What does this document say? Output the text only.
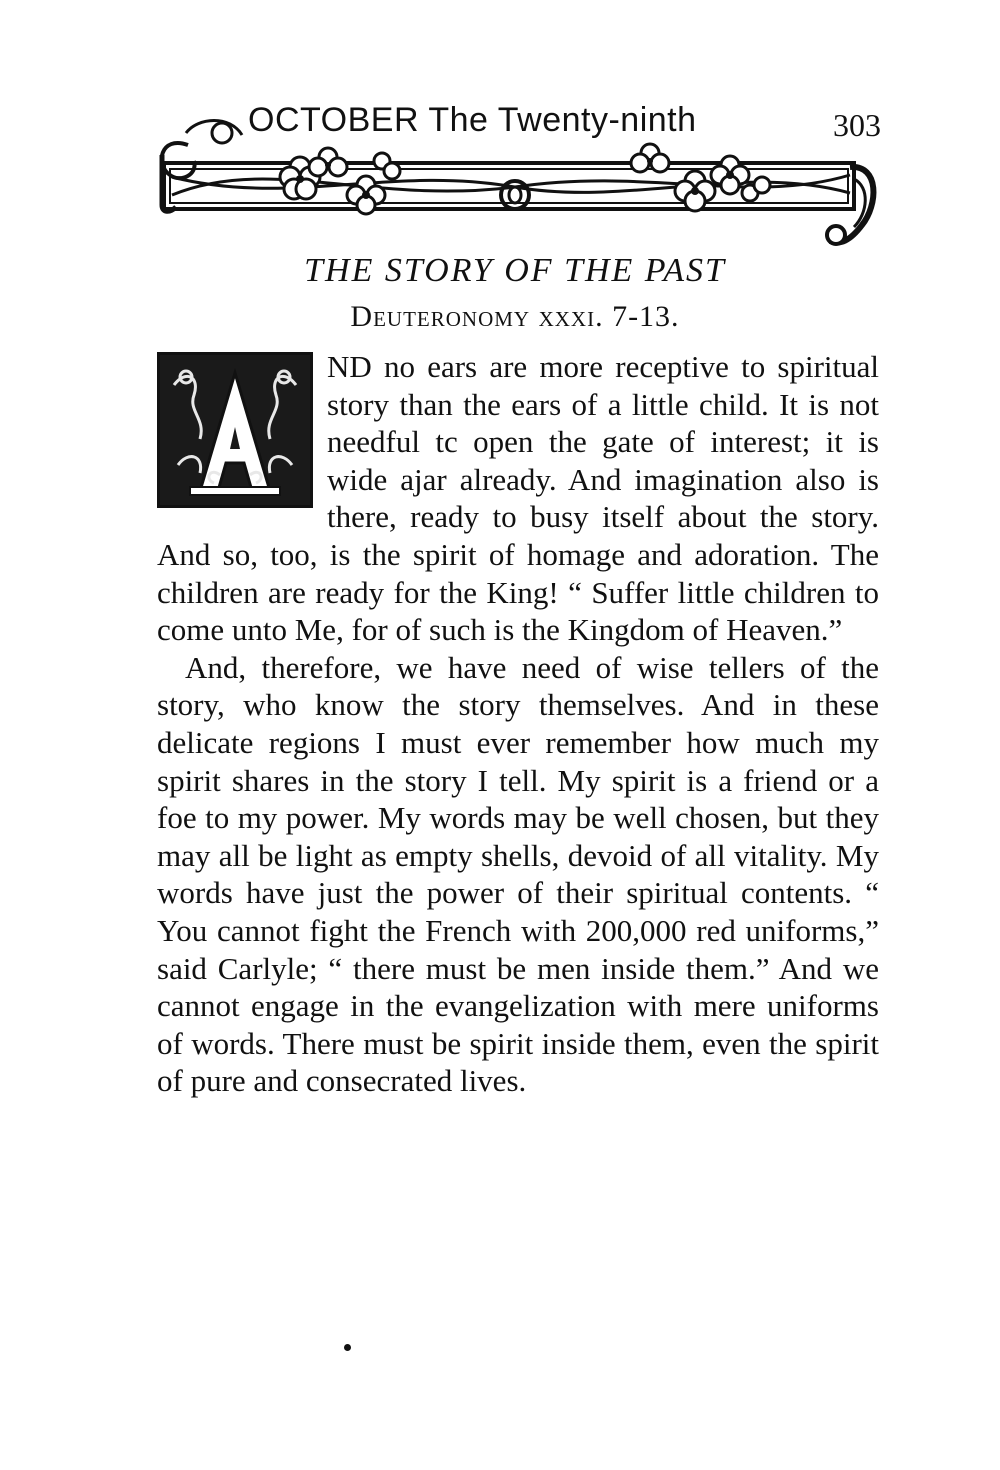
OCTOBER The Twenty-ninth	303
THE STORY OF THE PAST
Deuteronomy xxxi. 7-13.

ND no ears are more receptive to spiritual story than the ears of a little child. It is not needful tc open the gate of interest; it is wide ajar already. And imagination also is there, ready to busy itself about the story. And so, too, is the spirit of homage and adoration. The children are ready for the King! “ Suffer little children to come unto Me, for of such is the Kingdom of Heaven.”

And, therefore, we have need of wise tellers of the story, who know the story themselves. And in these delicate regions I must ever remember how much my spirit shares in the story I tell. My spirit is a friend or a foe to my power. My words may be well chosen, but they may all be light as empty shells, devoid of all vitality. My words have just the power of their spiritual contents. “ You cannot fight the French with 200,000 red uniforms,” said Carlyle; “ there must be men inside them.” And we cannot engage in the evangelization with mere uniforms of words. There must be spirit inside them, even the spirit of pure and consecrated lives.
